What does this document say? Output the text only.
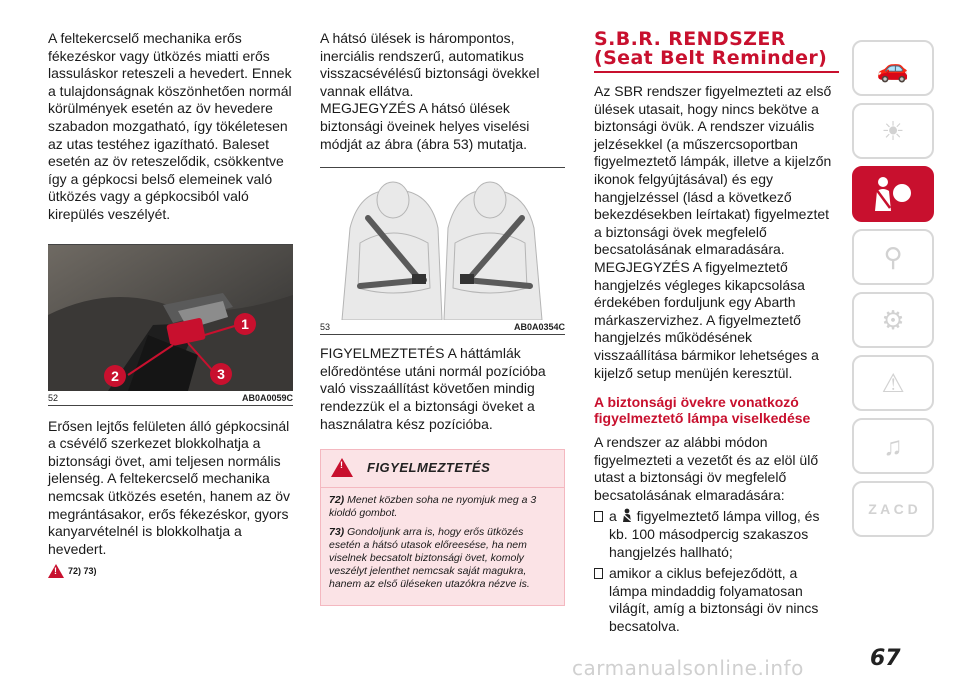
A feltekercselő mechanika erős fékezéskor vagy ütközés miatti erős lassuláskor reteszeli a hevedert. Ennek a tulajdonságnak köszönhetően normál körülmények esetén az öv hevedere szabadon mozgatható, így tökéletesen az utas testéhez igazítható. Baleset esetén az öv reteszelődik, csökkentve így a gépkocsi belső elemeinek való ütközés vagy a gépkocsiból való kirepülés veszélyét.

1
2	3
52	AB0A0059C

Erősen lejtős felületen álló gépkocsinál a csévélő szerkezet blokkolhatja a biztonsági övet, ami teljesen normális jelenség. A feltekercselő mechanika nemcsak ütközés esetén, hanem az öv megrántásakor, erős fékezéskor, gyors kanyarvételnél is blokkolhatja a hevedert.

!
72) 73)

A hátsó ülések is hárompontos, inerciális rendszerű, automatikus visszacsévélésű biztonsági övekkel vannak ellátva.

MEGJEGYZÉS A hátsó ülések biztonsági öveinek helyes viselési módját az ábra (ábra 53) mutatja.

53	AB0A0354C

FIGYELMEZTETÉS A háttámlák előredöntése utáni normál pozícióba való visszaállítást követően mindig rendezzük el a biztonsági öveket a használatra kész pozícióba.

!
FIGYELMEZTETÉS

72) Menet közben soha ne nyomjuk meg a 3 kioldó gombot.

73) Gondoljunk arra is, hogy erős ütközés esetén a hátsó utasok előreesése, ha nem viselnek becsatolt biztonsági övet, komoly veszélyt jelenthet nemcsak saját magukra, hanem az első üléseken utazókra nézve is.

S.B.R. RENDSZER (Seat Belt Reminder)

Az SBR rendszer figyelmezteti az első ülések utasait, hogy nincs bekötve a biztonsági övük. A rendszer vizuális jelzésekkel (a műszercsoportban figyelmeztető lámpák, illetve a kijelzőn ikonok felgyújtásával) és egy hangjelzéssel (lásd a következő bekezdésekben leírtakat) figyelmeztet a biztonsági övek megfelelő becsatolásának elmaradására.

MEGJEGYZÉS A figyelmeztető hangjelzés végleges kikapcsolása érdekében forduljunk egy Abarth márkaszervizhez. A figyelmeztető hangjelzés működésének visszaállítása bármikor lehetséges a kijelző setup menüjén keresztül.

A biztonsági övekre vonatkozó figyelmeztető lámpa viselkedése

A rendszer az alábbi módon figyelmezteti a vezetőt és az elöl ülő utast a biztonsági öv megfelelő becsatolásának elmaradására:

a figyelmeztető lámpa villog, és kb. 100 másodpercig szakaszos hangjelzés hallható;

amikor a ciklus befejeződött, a lámpa mindaddig folyamatosan világít, amíg a biztonsági öv nincs becsatolva.

🚗
☀
⚲
⚙
⚠
♫
Z A C D
carmanualsonline.info	67
